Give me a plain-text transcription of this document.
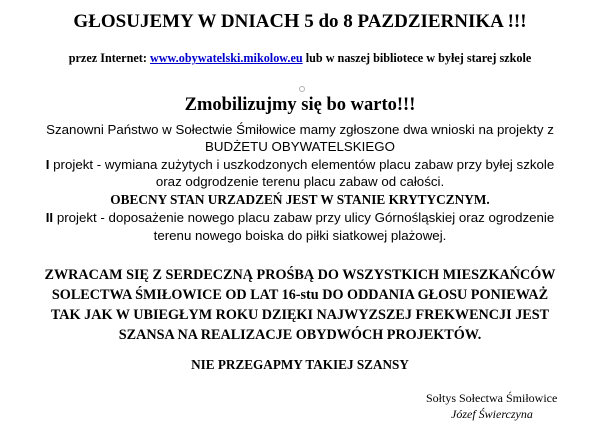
GŁOSUJEMY W DNIACH 5 do 8 PAZDZIERNIKA !!!
przez Internet: www.obywatelski.mikolow.eu lub w naszej bibliotece w byłej starej szkole
Zmobilizujmy się bo warto!!!
Szanowni Państwo w Sołectwie Śmiłowice mamy zgłoszone dwa wnioski na projekty z
BUDŻETU OBYWATELSKIEGO
I projekt - wymiana zużytych i uszkodzonych elementów placu zabaw przy byłej szkole
oraz odgrodzenie terenu placu zabaw od całości.
OBECNY STAN URZADZEŃ JEST W STANIE KRYTYCZNYM.
II projekt - doposażenie nowego placu zabaw przy ulicy Górnośląskiej oraz ogrodzenie
terenu nowego boiska do piłki siatkowej plażowej.
ZWRACAM SIĘ Z SERDECZNĄ PROŚBĄ DO WSZYSTKICH MIESZKAŃCÓW
SOLECTWA ŚMIŁOWICE OD LAT 16-stu DO ODDANIA GŁOSU PONIEWAŻ
TAK JAK W UBIEGŁYM ROKU DZIĘKI NAJWYZSZEJ FREKWENCJI JEST
SZANSA NA REALIZACJE OBYDWÓCH PROJEKTÓW.
NIE PRZEGAPMY TAKIEJ SZANSY
Sołtys Sołectwa Śmiłowice
Józef Świerczyna
